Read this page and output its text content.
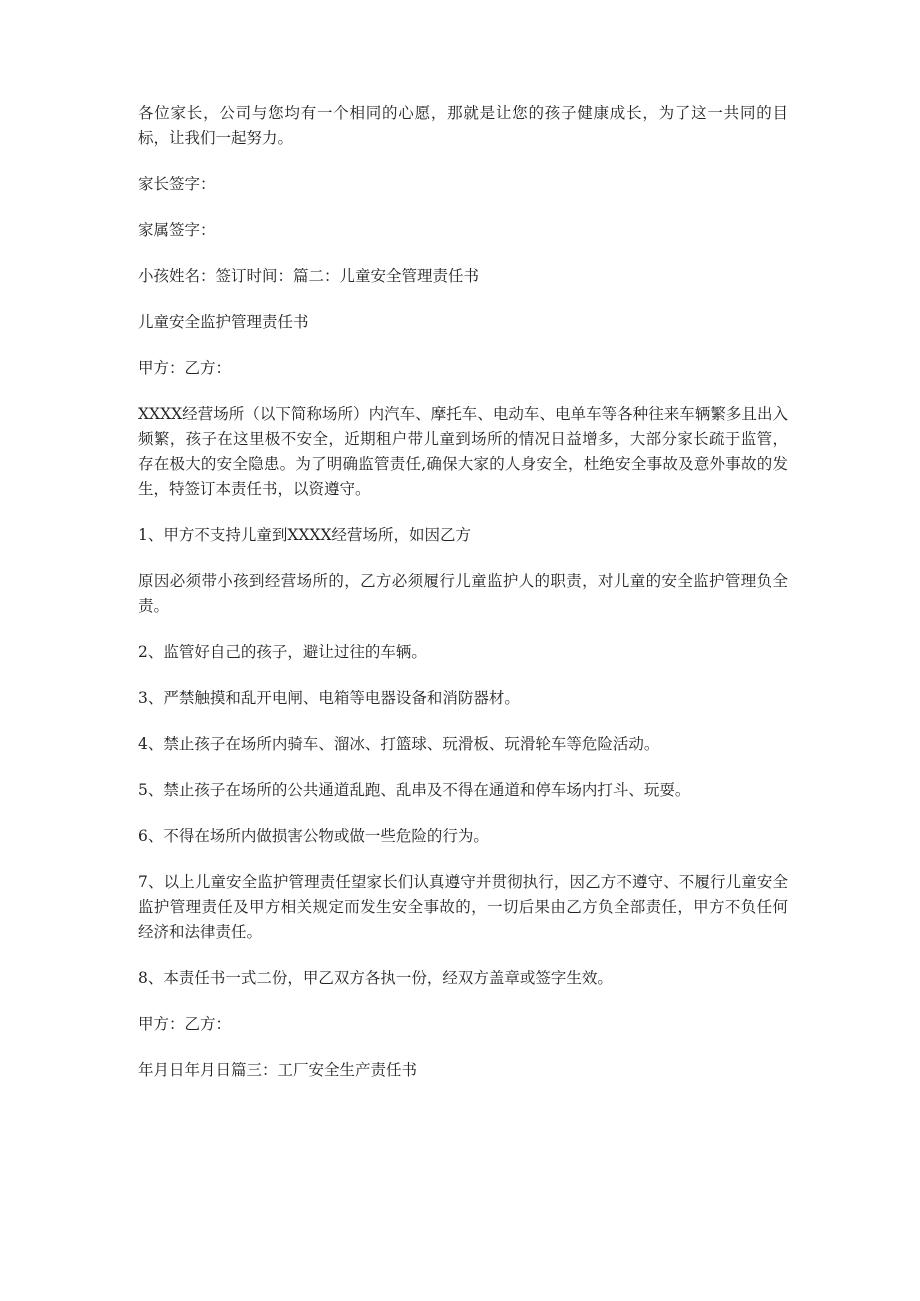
各位家长，公司与您均有一个相同的心愿，那就是让您的孩子健康成长，为了这一共同的目标，让我们一起努力。

家长签字：

家属签字：

小孩姓名：签订时间：篇二：儿童安全管理责任书

儿童安全监护管理责任书

甲方：乙方：

XXXX经营场所（以下简称场所）内汽车、摩托车、电动车、电单车等各种往来车辆繁多且出入频繁，孩子在这里极不安全，近期租户带儿童到场所的情况日益增多，大部分家长疏于监管，存在极大的安全隐患。为了明确监管责任,确保大家的人身安全，杜绝安全事故及意外事故的发生，特签订本责任书，以资遵守。

1、甲方不支持儿童到XXXX经营场所，如因乙方

原因必须带小孩到经营场所的，乙方必须履行儿童监护人的职责，对儿童的安全监护管理负全责。

2、监管好自己的孩子，避让过往的车辆。

3、严禁触摸和乱开电闸、电箱等电器设备和消防器材。

4、禁止孩子在场所内骑车、溜冰、打篮球、玩滑板、玩滑轮车等危险活动。

5、禁止孩子在场所的公共通道乱跑、乱串及不得在通道和停车场内打斗、玩耍。

6、不得在场所内做损害公物或做一些危险的行为。

7、以上儿童安全监护管理责任望家长们认真遵守并贯彻执行，因乙方不遵守、不履行儿童安全监护管理责任及甲方相关规定而发生安全事故的，一切后果由乙方负全部责任，甲方不负任何经济和法律责任。

8、本责任书一式二份，甲乙双方各执一份，经双方盖章或签字生效。

甲方：乙方：

年月日年月日篇三：工厂安全生产责任书
